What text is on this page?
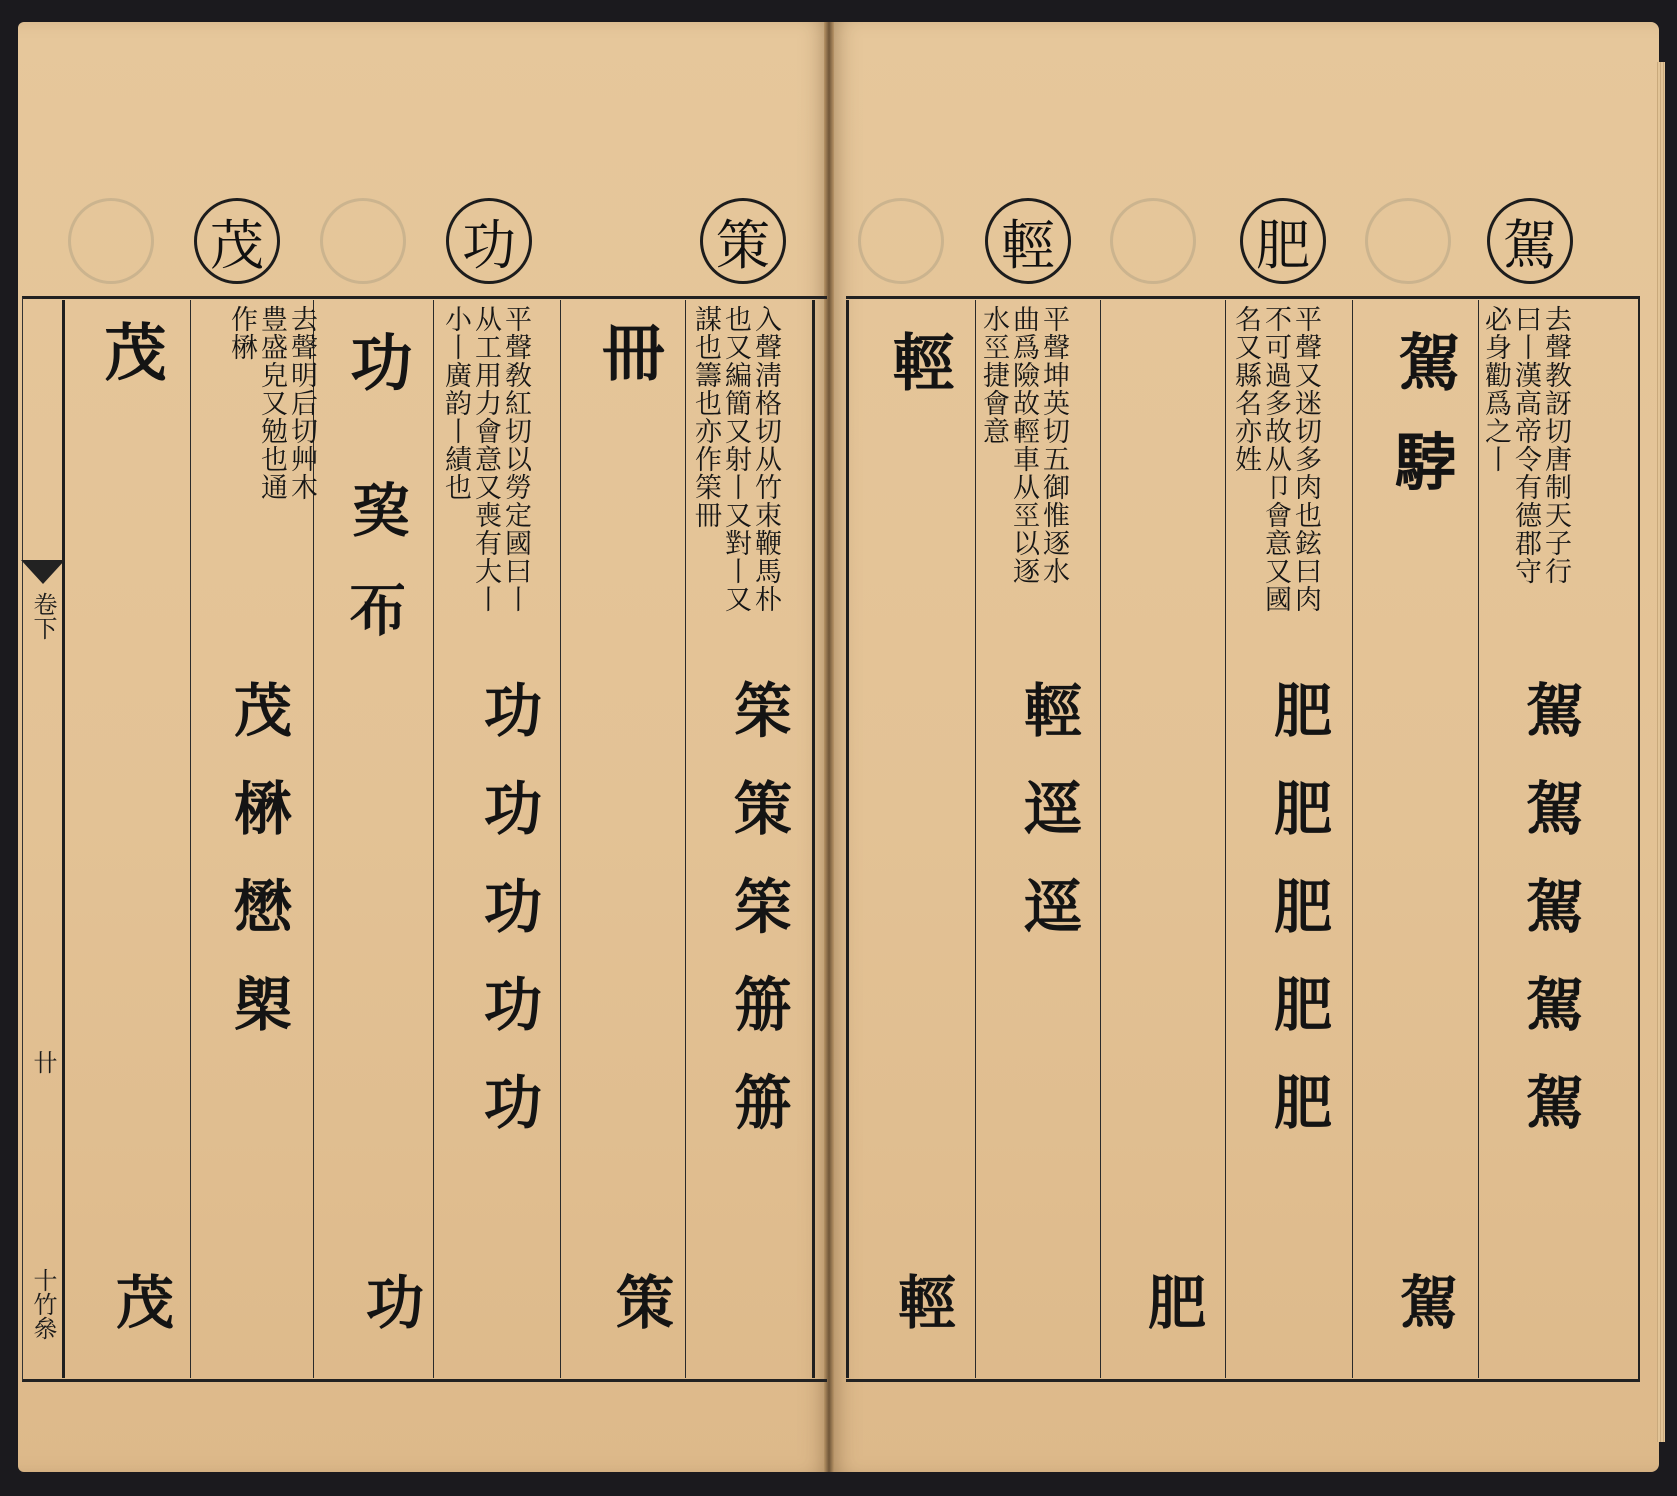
茂	功	策	輕	肥	駕
卷下
卄
十竹㕘
茂	去聲明后切艸木豊盛皃又勉也通作楙
茂楙懋㮾
茂
功
巭𢁓	平聲敎紅切以勞定國曰丨从工用力會意又喪有大丨小丨廣韵丨績也
功功功功功
功
冊	入聲淸格切从竹朿鞭馬朴也又編簡又射丨又對丨又謀也籌也亦作筞冊
筞策筞笧笧
策
輕	平聲坤英切五御惟逐水曲爲險故輕車从巠以逐水巠捷會意
輕逕逕
輕
平聲又迷切多肉也鉉曰肉不可過多故从卩會意又國名又縣名亦姓
肥肥肥肥肥
肥
駕𩣡
駕
去聲教訝切唐制天子行曰丨漢高帝令有德郡守必身勸爲之丨
駕駕駕駕駕
